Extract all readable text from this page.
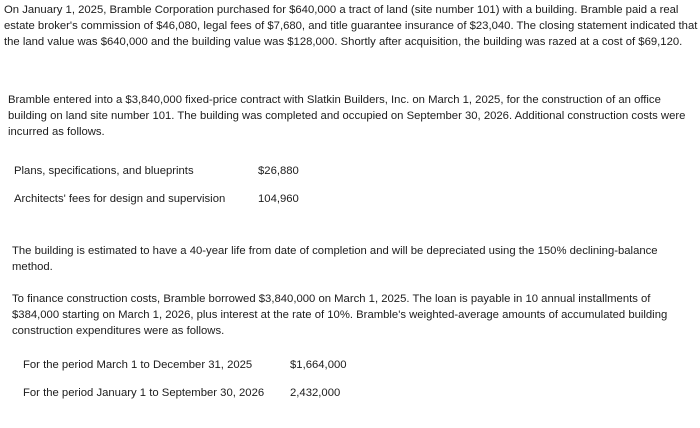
On January 1, 2025, Bramble Corporation purchased for $640,000 a tract of land (site number 101) with a building. Bramble paid a real estate broker's commission of $46,080, legal fees of $7,680, and title guarantee insurance of $23,040. The closing statement indicated that the land value was $640,000 and the building value was $128,000. Shortly after acquisition, the building was razed at a cost of $69,120.

Bramble entered into a $3,840,000 fixed-price contract with Slatkin Builders, Inc. on March 1, 2025, for the construction of an office building on land site number 101. The building was completed and occupied on September 30, 2026. Additional construction costs were incurred as follows.

Plans, specifications, and blueprints	$26,880
Architects' fees for design and supervision	104,960

The building is estimated to have a 40-year life from date of completion and will be depreciated using the 150% declining-balance method.

To finance construction costs, Bramble borrowed $3,840,000 on March 1, 2025. The loan is payable in 10 annual installments of $384,000 starting on March 1, 2026, plus interest at the rate of 10%. Bramble's weighted-average amounts of accumulated building construction expenditures were as follows.

For the period March 1 to December 31, 2025	$1,664,000
For the period January 1 to September 30, 2026 2,432,000
